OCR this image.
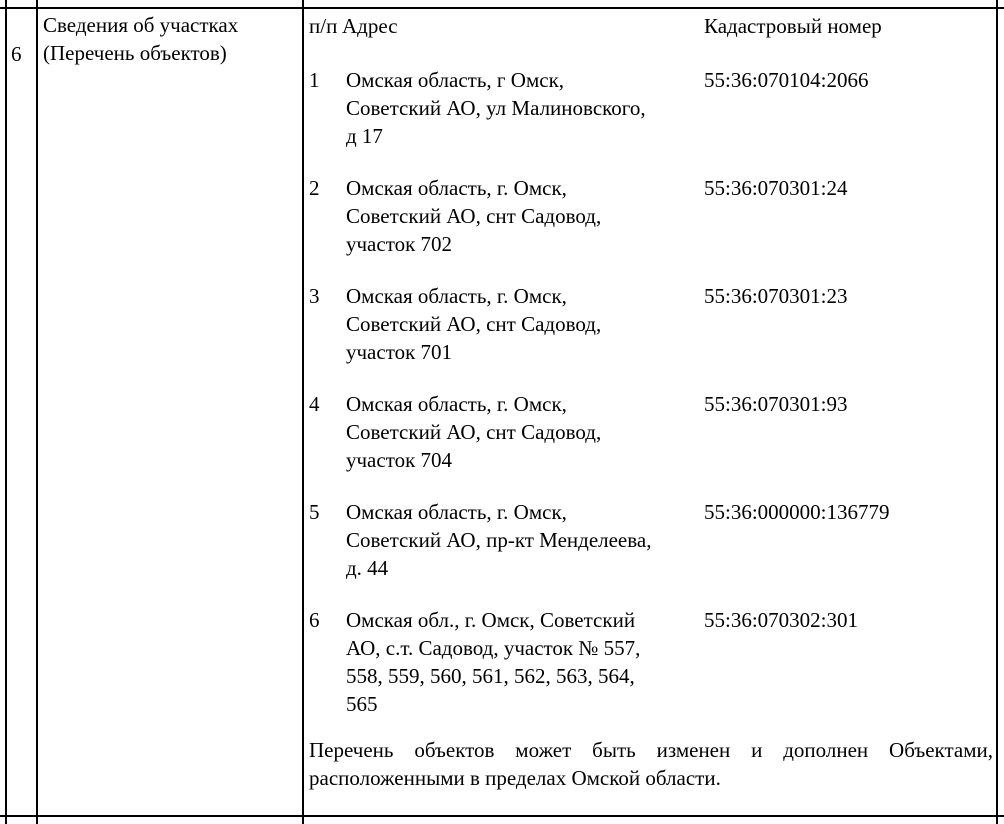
6
Сведения об участках
(Перечень объектов)
п/п Адрес	Кадастровый номер
1 Омская область, г Омск,
Советский АО, ул Малиновского,
д 17
55:36:070104:2066
2 Омская область, г. Омск,
Советский АО, снт Садовод,
участок 702
55:36:070301:24
3 Омская область, г. Омск,
Советский АО, снт Садовод,
участок 701
55:36:070301:23
4 Омская область, г. Омск,
Советский АО, снт Садовод,
участок 704
55:36:070301:93
5 Омская область, г. Омск,
Советский АО, пр-кт Менделеева,
д. 44
55:36:000000:136779
6 Омская обл., г. Омск, Советский
АО, с.т. Садовод, участок № 557,
558, 559, 560, 561, 562, 563, 564,
565
55:36:070302:301
Перечень объектов может быть изменен и дополнен Объектами,
расположенными в пределах Омской области.
